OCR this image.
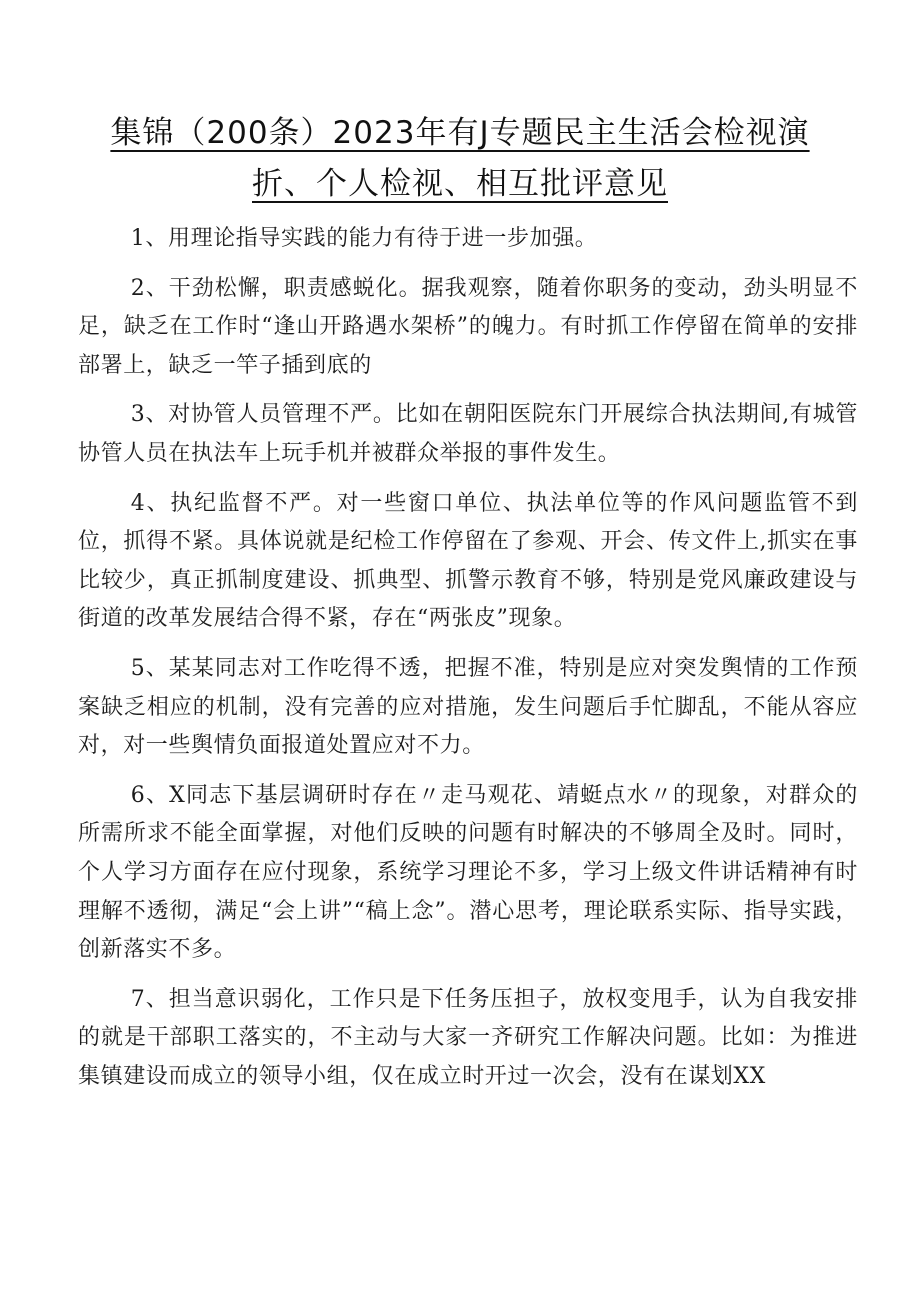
集锦（200条）2023年有J专题民主生活会检视演
折、个人检视、相互批评意见

1、用理论指导实践的能力有待于进一步加强。

2、干劲松懈，职责感蜕化。据我观察，随着你职务的变动，劲头明显不足，缺乏在工作时“逢山开路遇水架桥”的魄力。有时抓工作停留在简单的安排部署上，缺乏一竿子插到底的

3、对协管人员管理不严。比如在朝阳医院东门开展综合执法期间,有城管协管人员在执法车上玩手机并被群众举报的事件发生。

4、执纪监督不严。对一些窗口单位、执法单位等的作风问题监管不到位，抓得不紧。具体说就是纪检工作停留在了参观、开会、传文件上,抓实在事比较少，真正抓制度建设、抓典型、抓警示教育不够，特别是党风廉政建设与街道的改革发展结合得不紧，存在“两张皮”现象。

5、某某同志对工作吃得不透，把握不准，特别是应对突发舆情的工作预案缺乏相应的机制，没有完善的应对措施，发生问题后手忙脚乱，不能从容应对，对一些舆情负面报道处置应对不力。

6、X同志下基层调研时存在〃走马观花、靖蜓点水〃的现象，对群众的所需所求不能全面掌握，对他们反映的问题有时解决的不够周全及时。同时，个人学习方面存在应付现象，系统学习理论不多，学习上级文件讲话精神有时理解不透彻，满足“会上讲”“稿上念”。潜心思考，理论联系实际、指导实践，创新落实不多。

7、担当意识弱化，工作只是下任务压担子，放权变甩手，认为自我安排的就是干部职工落实的，不主动与大家一齐研究工作解决问题。比如：为推进集镇建设而成立的领导小组，仅在成立时开过一次会，没有在谋划XX
